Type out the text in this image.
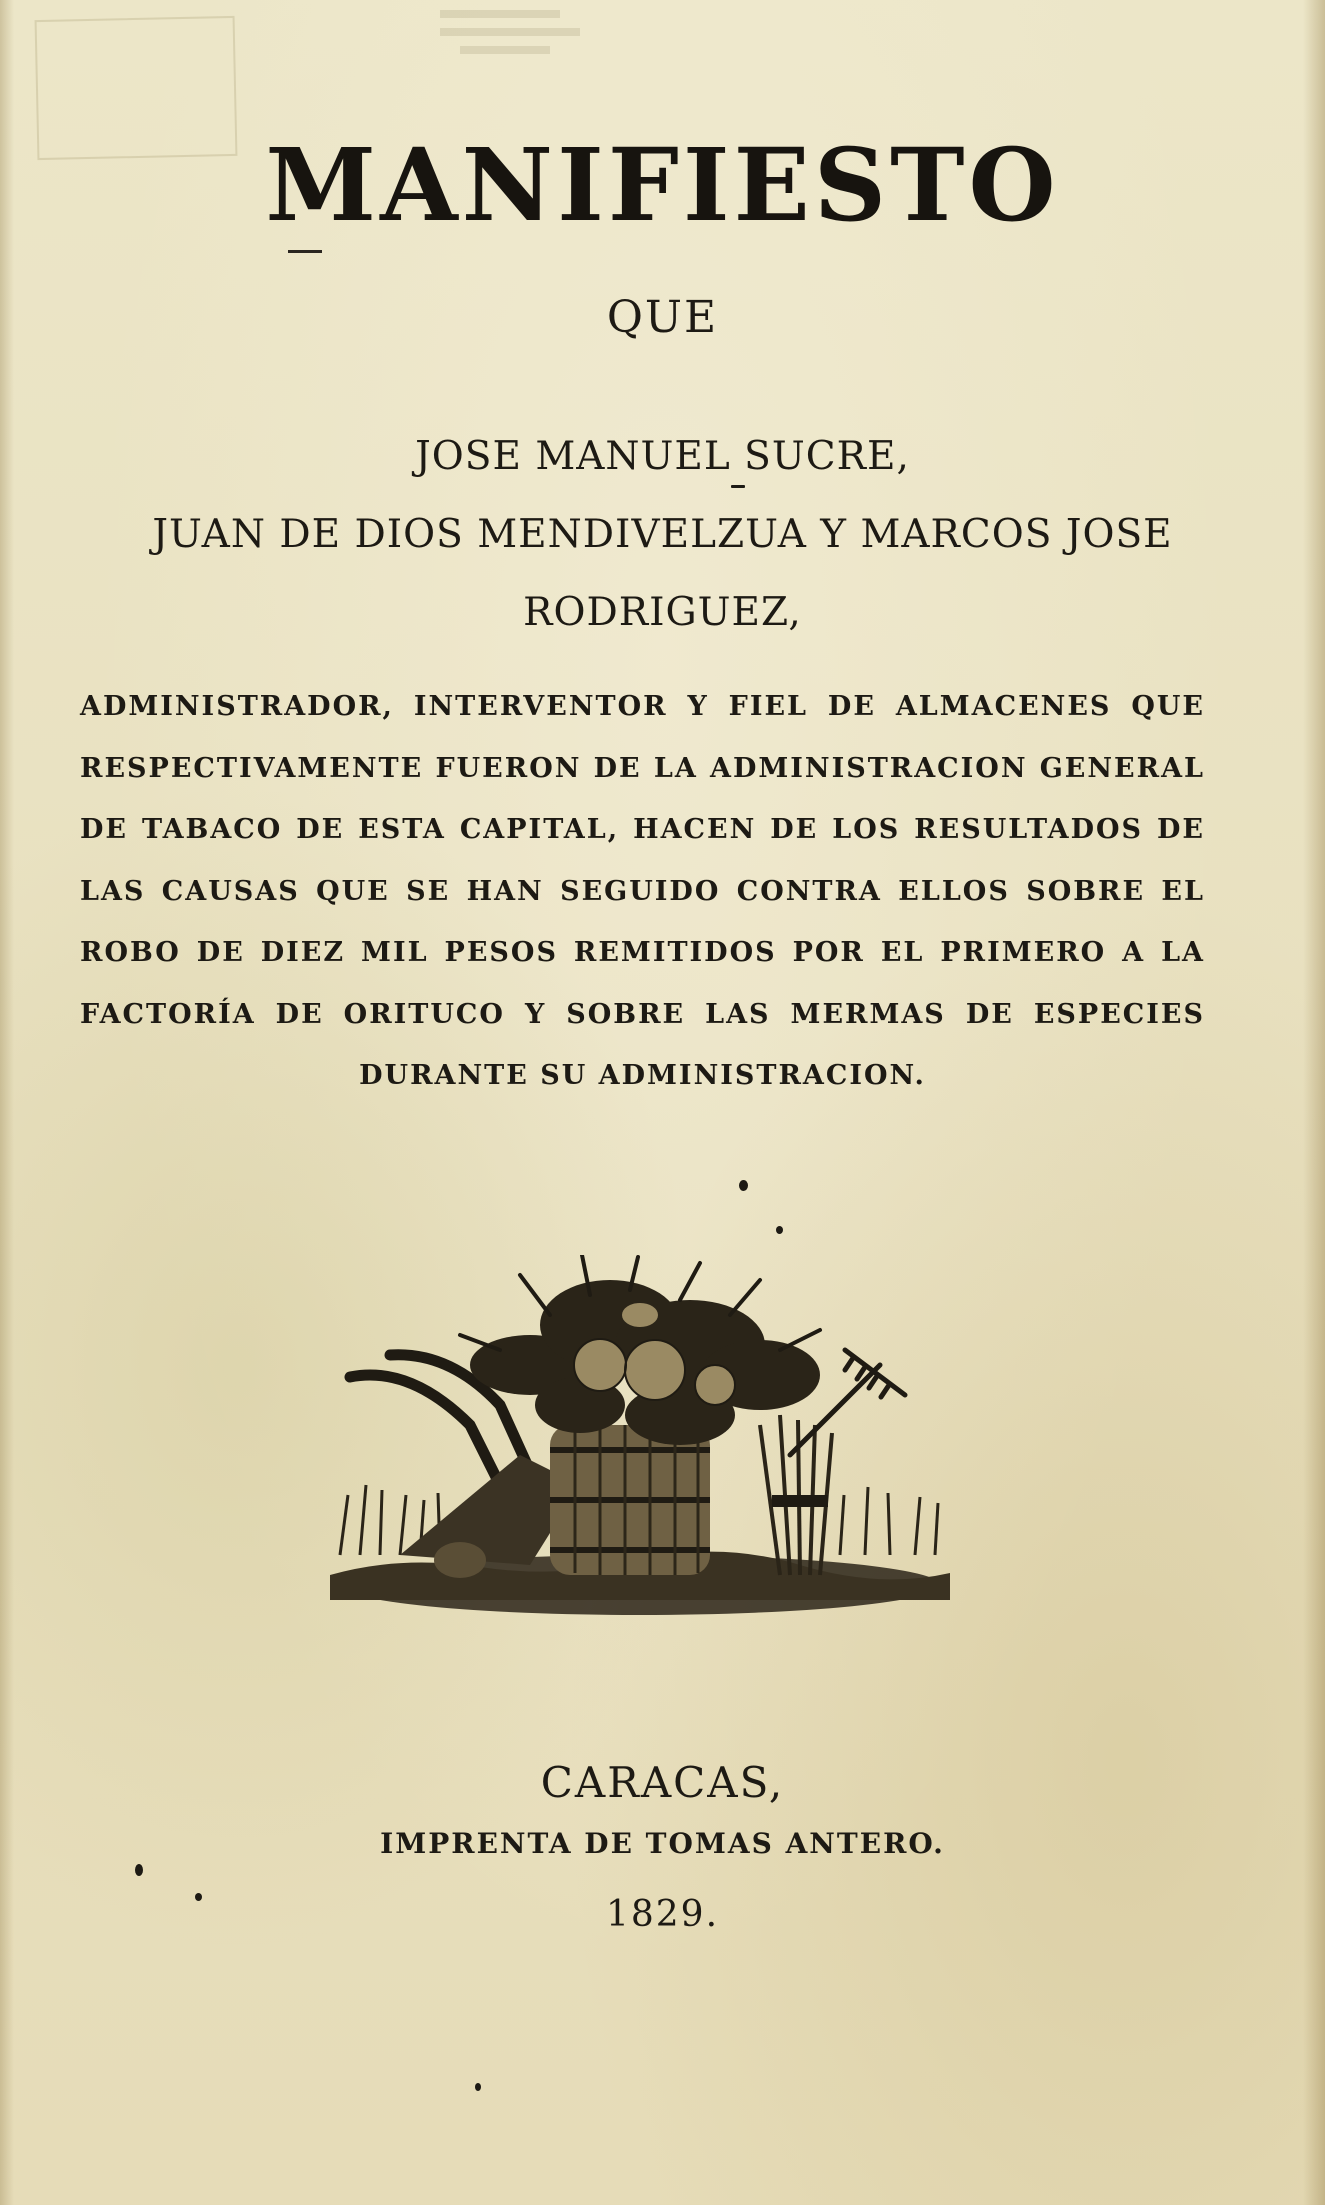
MANIFIESTO
QUE
JOSE MANUEL SUCRE,
JUAN DE DIOS MENDIVELZUA Y MARCOS JOSE
RODRIGUEZ,
ADMINISTRADOR, INTERVENTOR Y FIEL DE ALMACENES QUE RESPECTIVAMENTE FUERON DE LA ADMINISTRACION GENERAL DE TABACO DE ESTA CAPITAL, HACEN DE LOS RESULTADOS DE LAS CAUSAS QUE SE HAN SEGUIDO CONTRA ELLOS SOBRE EL ROBO DE DIEZ MIL PESOS REMITIDOS POR EL PRIMERO A LA FACTORÍA DE ORITUCO Y SOBRE LAS MERMAS DE ESPECIES DURANTE SU ADMINISTRACION.
CARACAS,
IMPRENTA DE TOMAS ANTERO.
1829.
